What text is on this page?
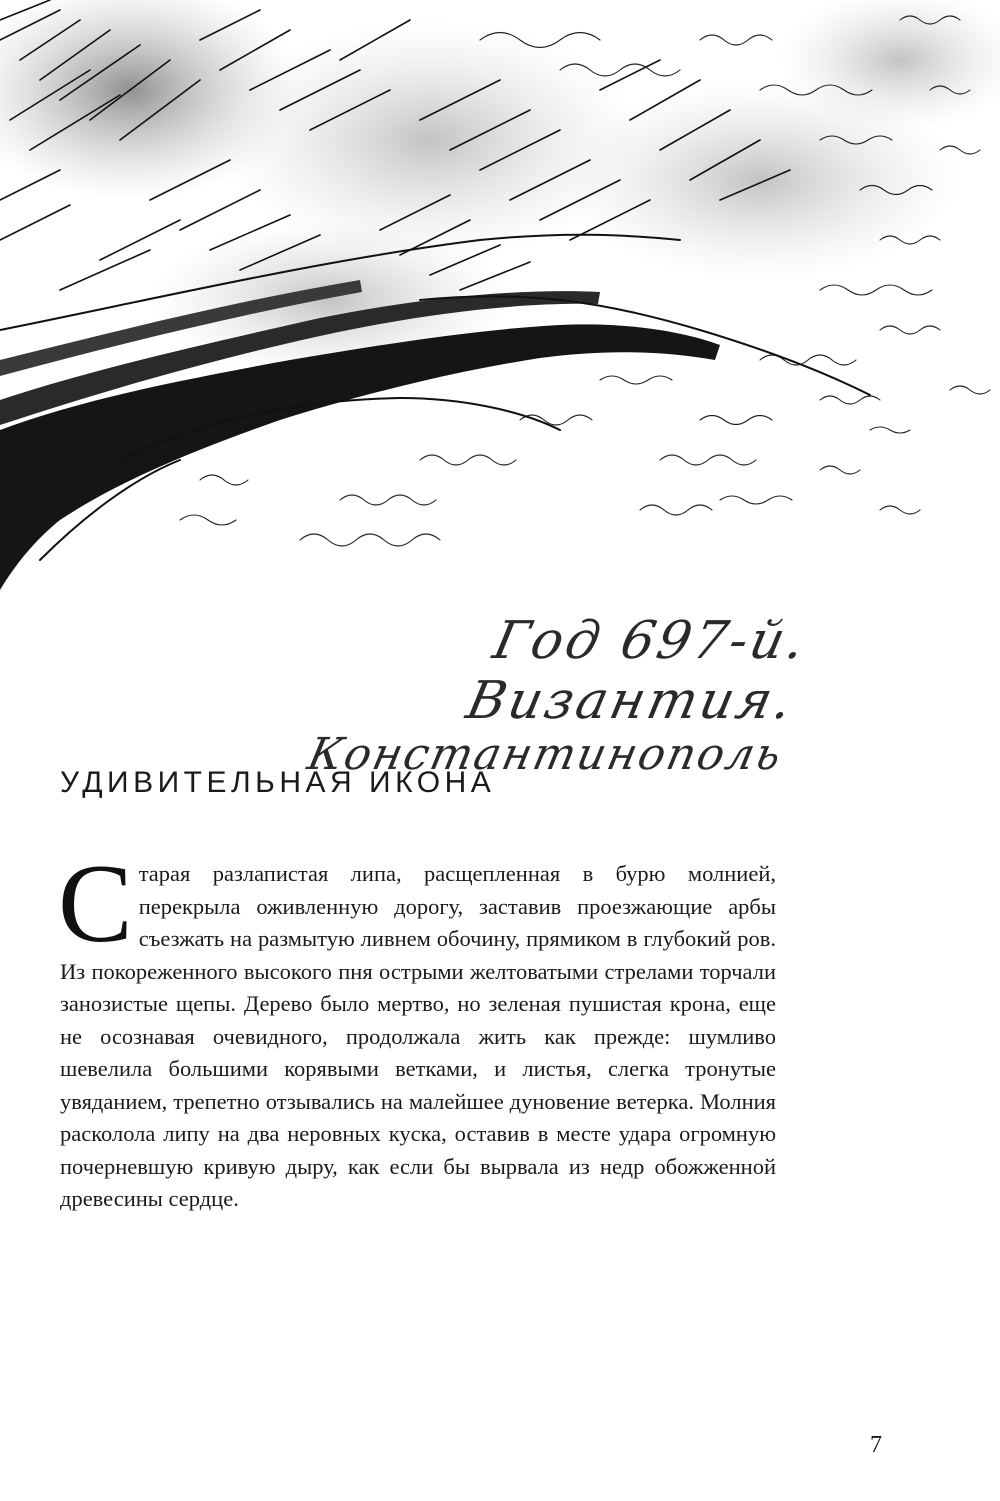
Год 697-й. Византия.
Константинополь
УДИВИТЕЛЬНАЯ ИКОНА

Старая разлапистая липа, расщепленная в бурю молнией, перекрыла оживленную дорогу, заставив проезжающие арбы съезжать на размытую ливнем обочину, прямиком в глубокий ров. Из покореженного высокого пня острыми желтоватыми стрелами торчали занозистые щепы. Дерево было мертво, но зеленая пушистая крона, еще не осознавая очевидного, продолжала жить как прежде: шумливо шевелила большими корявыми ветками, и листья, слегка тронутые увяданием, трепетно отзывались на малейшее дуновение ветерка. Молния расколола липу на два неровных куска, оставив в месте удара огромную почерневшую кривую дыру, как если бы вырвала из недр обожженной древесины сердце.

7
